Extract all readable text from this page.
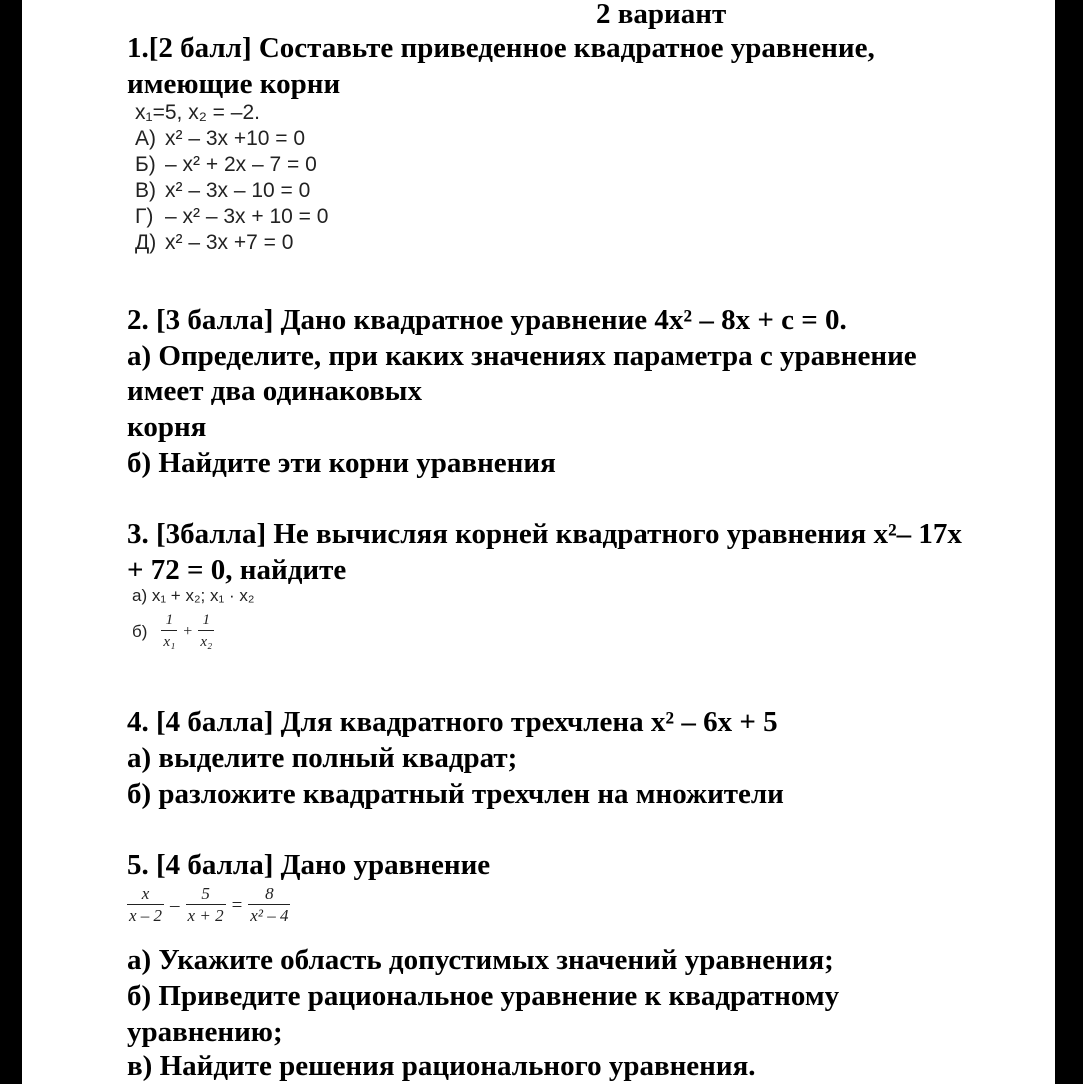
2 вариант
1.[2 балл] Составьте приведенное квадратное уравнение,
имеющие корни
x₁=5, x₂ = –2.
А) x² – 3x +10 = 0
Б) – x² + 2x – 7 = 0
В) x² – 3x – 10 = 0
Г) – x² – 3x + 10 = 0
Д) x² – 3x +7 = 0
2. [3 балла] Дано квадратное уравнение 4x² – 8x + c = 0.
а) Определите, при каких значениях параметра с уравнение
имеет два одинаковых
корня
б) Найдите эти корни уравнения
3. [3балла] Не вычисляя корней квадратного уравнения x²– 17x
+ 72 = 0, найдите
а) x₁ + x₂; x₁ · x₂
$б) \frac{1}{\text{x₁}} + \frac{1}{\text{x₂}}$
4. [4 балла] Для квадратного трехчлена x² – 6x + 5
а) выделите полный квадрат;
б) разложите квадратный трехчлен на множители
5. [4 балла] Дано уравнение
$\frac{x}{x - 2} - \frac{5}{x + 2} = \frac{8}{\text{x² – 4}}$
а) Укажите область допустимых значений уравнения;
б) Приведите рациональное уравнение к квадратному
уравнению;
в) Найдите решения рационального уравнения.
